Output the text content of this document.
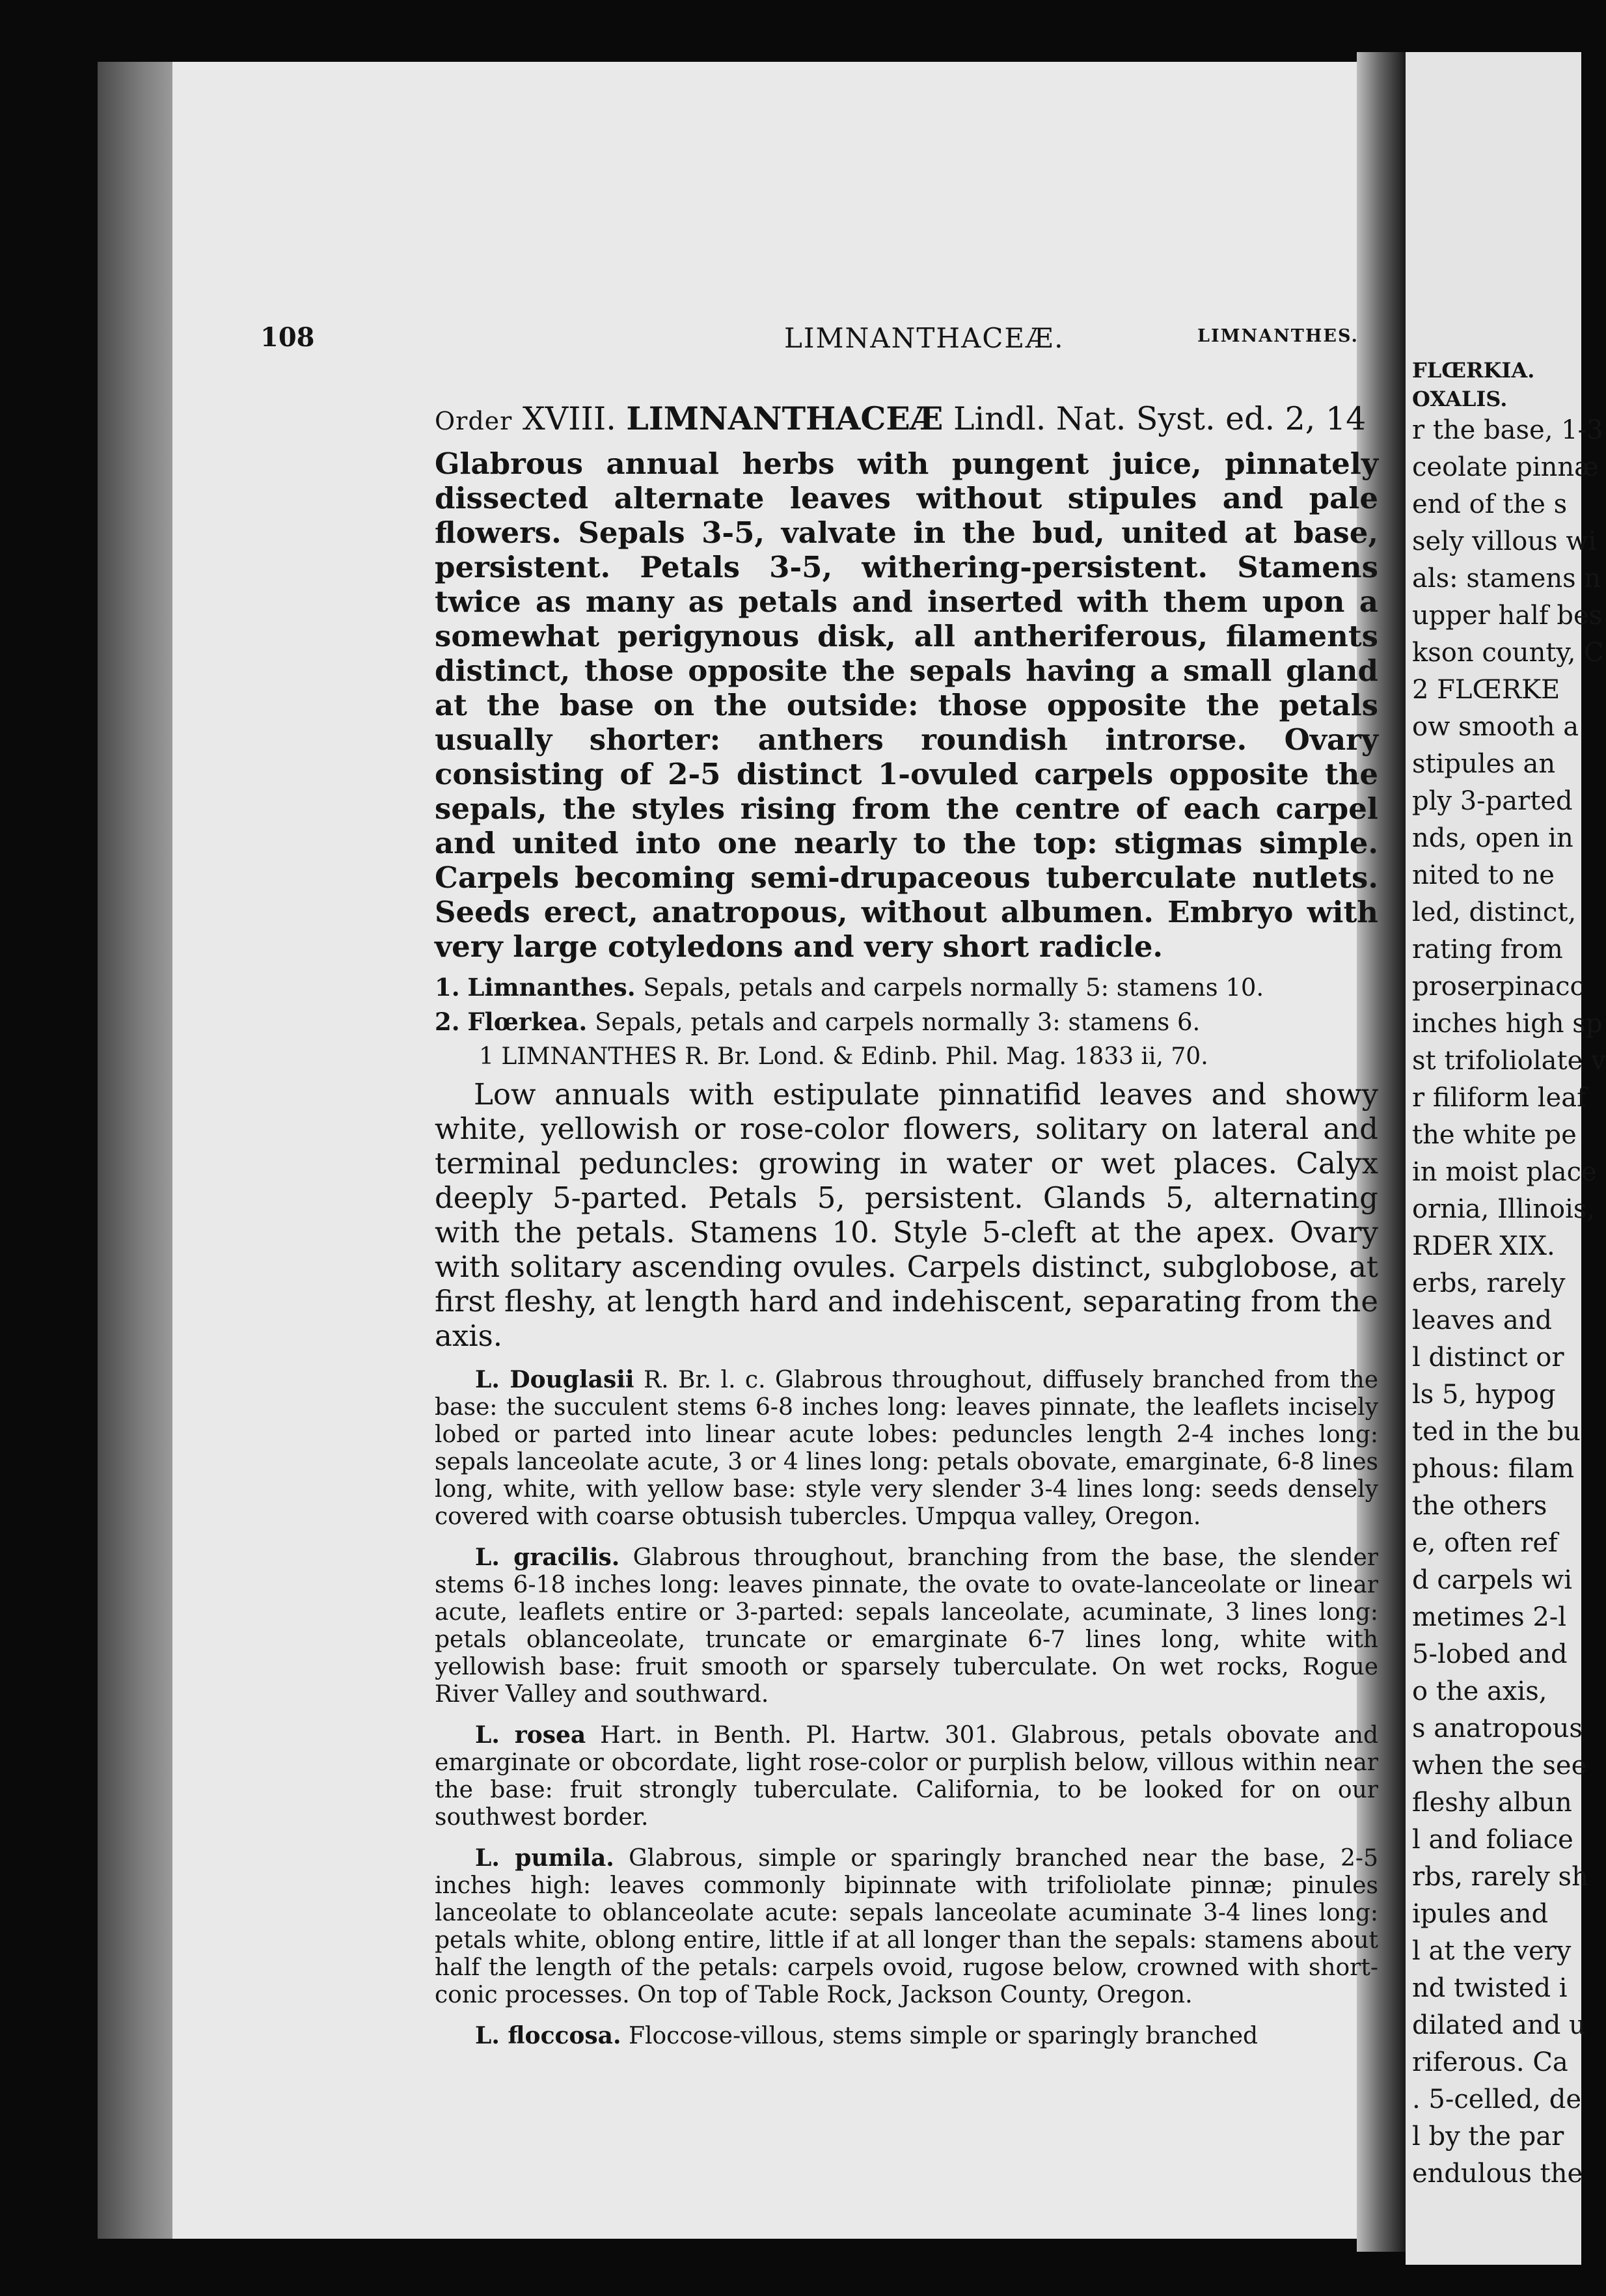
FLŒRKIA.
OXALIS.
r the base, 1-3
ceolate pinnæ
end of the s
sely villous wi
als: stamens n
upper half bes
kson county, C
2 FLŒRKE
ow smooth a
stipules an
ply 3-parted
nds, open in
nited to ne
led, distinct,
rating from
proserpinacc
inches high sp
st trifoliolate v
r filiform leaf
the white pe
in moist place
ornia, Illinois,
RDER XIX.
erbs, rarely
leaves and
l distinct or
ls 5, hypog
ted in the bu
phous: filam
the others
e, often ref
d carpels wi
metimes 2-l
5-lobed and
o the axis,
s anatropous
when the see
fleshy albun
l and foliace
rbs, rarely sh
ipules and
l at the very
nd twisted i
dilated and u
riferous. Ca
. 5-celled, de
l by the par
endulous the
108	LIMNANTHACEÆ.	LIMNANTHES.
Order XVIII. LIMNANTHACEÆ Lindl. Nat. Syst. ed. 2, 14
Glabrous annual herbs with pungent juice, pinnately dissected alternate leaves without stipules and pale flowers. Sepals 3-5, valvate in the bud, united at base, persistent. Petals 3-5, withering-persistent. Stamens twice as many as petals and inserted with them upon a somewhat perigynous disk, all antheriferous, filaments distinct, those opposite the sepals having a small gland at the base on the outside: those opposite the petals usually shorter: anthers roundish introrse. Ovary consisting of 2-5 distinct 1-ovuled carpels opposite the sepals, the styles rising from the centre of each carpel and united into one nearly to the top: stigmas simple. Carpels becoming semi-drupaceous tuberculate nutlets. Seeds erect, anatropous, without albumen. Embryo with very large cotyledons and very short radicle.
1. Limnanthes. Sepals, petals and carpels normally 5: stamens 10.
2. Flœrkea. Sepals, petals and carpels normally 3: stamens 6.
1 LIMNANTHES R. Br. Lond. & Edinb. Phil. Mag. 1833 ii, 70.
Low annuals with estipulate pinnatifid leaves and showy white, yellowish or rose-color flowers, solitary on lateral and terminal peduncles: growing in water or wet places. Calyx deeply 5-parted. Petals 5, persistent. Glands 5, alternating with the petals. Stamens 10. Style 5-cleft at the apex. Ovary with solitary ascending ovules. Carpels distinct, subglobose, at first fleshy, at length hard and indehiscent, separating from the axis.
L. Douglasii R. Br. l. c. Glabrous throughout, diffusely branched from the base: the succulent stems 6-8 inches long: leaves pinnate, the leaflets incisely lobed or parted into linear acute lobes: peduncles length 2-4 inches long: sepals lanceolate acute, 3 or 4 lines long: petals obovate, emarginate, 6-8 lines long, white, with yellow base: style very slender 3-4 lines long: seeds densely covered with coarse obtusish tubercles. Umpqua valley, Oregon.
L. gracilis. Glabrous throughout, branching from the base, the slender stems 6-18 inches long: leaves pinnate, the ovate to ovate-lanceolate or linear acute, leaflets entire or 3-parted: sepals lanceolate, acuminate, 3 lines long: petals oblanceolate, truncate or emarginate 6-7 lines long, white with yellowish base: fruit smooth or sparsely tuberculate. On wet rocks, Rogue River Valley and southward.
L. rosea Hart. in Benth. Pl. Hartw. 301. Glabrous, petals obovate and emarginate or obcordate, light rose-color or purplish below, villous within near the base: fruit strongly tuberculate. California, to be looked for on our southwest border.
L. pumila. Glabrous, simple or sparingly branched near the base, 2-5 inches high: leaves commonly bipinnate with trifoliolate pinnæ; pinules lanceolate to oblanceolate acute: sepals lanceolate acuminate 3-4 lines long: petals white, oblong entire, little if at all longer than the sepals: stamens about half the length of the petals: carpels ovoid, rugose below, crowned with short-conic processes. On top of Table Rock, Jackson County, Oregon.
L. floccosa. Floccose-villous, stems simple or sparingly branched
